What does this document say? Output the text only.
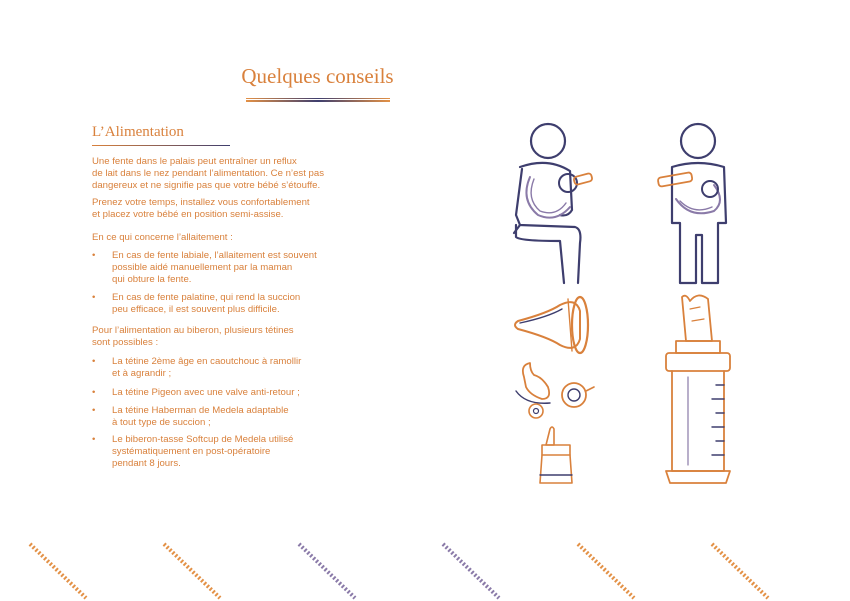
Quelques conseils
L’Alimentation
Une fente dans le palais peut entraîner un reflux
de lait dans le nez pendant l’alimentation. Ce n’est pas
dangereux et ne signifie pas que votre bébé s’étouffe.
Prenez votre temps, installez vous confortablement
et placez votre bébé en position semi-assise.
En ce qui concerne l’allaitement :
• En cas de fente labiale, l’allaitement est souvent
possible aidé manuellement par la maman
qui obture la fente.
• En cas de fente palatine, qui rend la succion
peu efficace, il est souvent plus difficile.
Pour l’alimentation au biberon, plusieurs tétines
sont possibles :
• La tétine 2ème âge en caoutchouc à ramollir
et à agrandir ;
• La tétine Pigeon avec une valve anti-retour ;
• La tétine Haberman de Medela adaptable
à tout type de succion ;
• Le biberon-tasse Softcup de Medela utilisé
systématiquement en post-opératoire
pendant 8 jours.
